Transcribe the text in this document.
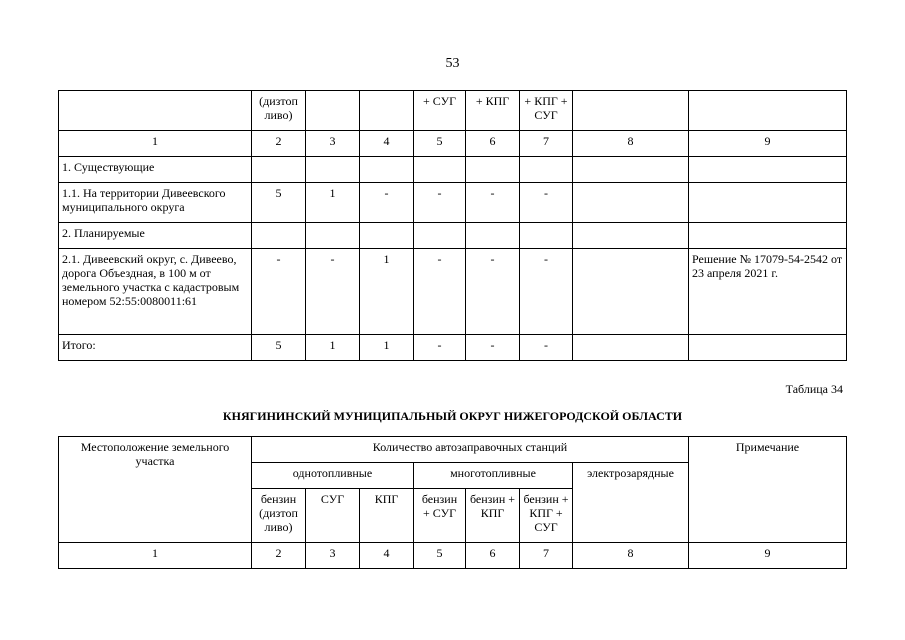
53
	(дизтоп ливо)			+ СУГ	+ КПГ	+ КПГ + СУГ		
1	2	3	4	5	6	7	8	9
1. Существующие								
1.1. На территории Дивеевского муниципального округа	5	1	-	-	-	-		
2. Планируемые								
2.1. Дивеевский округ, с. Дивеево, дорога Объездная, в 100 м от земельного участка с кадастровым номером 52:55:0080011:61	-	-	1	-	-	-		Решение № 17079-54-2542 от 23 апреля 2021 г.
Итого:	5	1	1	-	-	-		
Таблица 34
КНЯГИНИНСКИЙ МУНИЦИПАЛЬНЫЙ ОКРУГ НИЖЕГОРОДСКОЙ ОБЛАСТИ
Местоположение земельного участка	Количество автозаправочных станций							Примечание
	однотопливные			многотопливные			электрозарядные	
	бензин (дизтоп ливо)	СУГ	КПГ	бензин + СУГ	бензин + КПГ	бензин + КПГ + СУГ		
1	2	3	4	5	6	7	8	9
